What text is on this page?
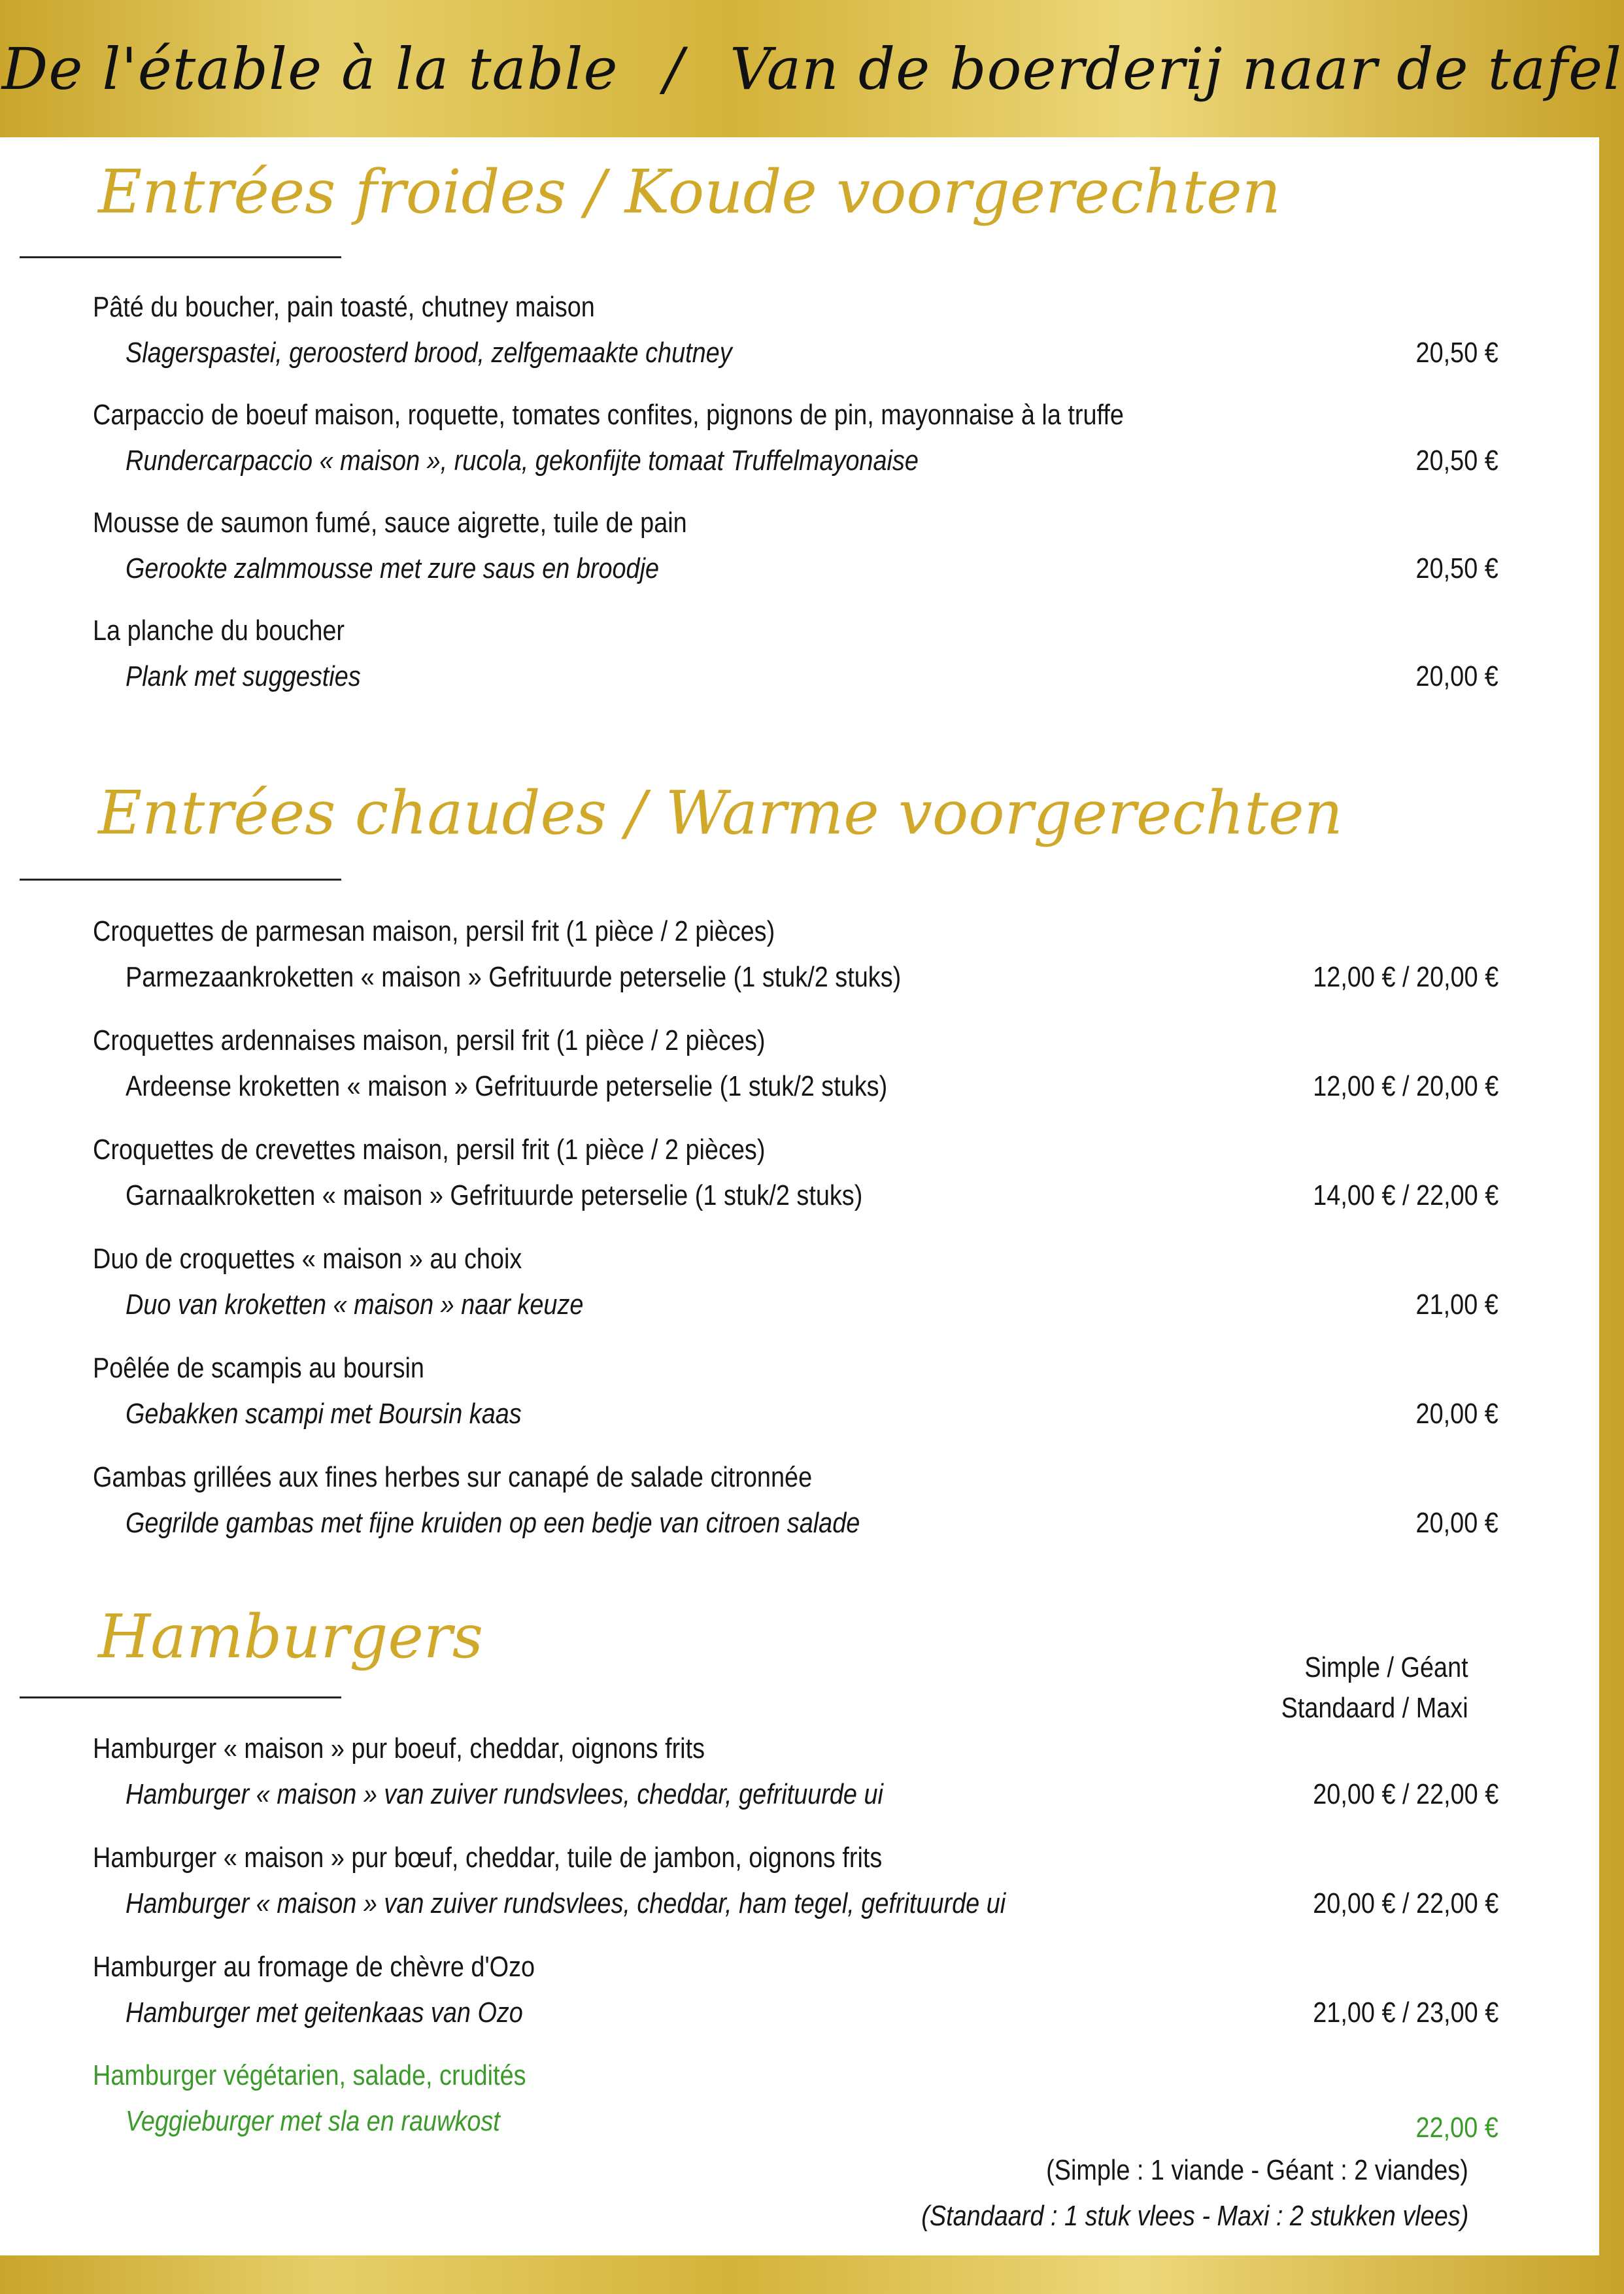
De l'étable à la table / Van de boerderij naar de tafel
Entrées froides / Koude voorgerechten
Pâté du boucher, pain toasté, chutney maison
Slagerspastei, geroosterd brood, zelfgemaakte chutney	20,50 €
Carpaccio de boeuf maison, roquette, tomates confites, pignons de pin, mayonnaise à la truffe
Rundercarpaccio « maison », rucola, gekonfijte tomaat Truffelmayonaise	20,50 €
Mousse de saumon fumé, sauce aigrette, tuile de pain
Gerookte zalmmousse met zure saus en broodje	20,50 €
La planche du boucher
Plank met suggesties	20,00 €
Entrées chaudes / Warme voorgerechten
Croquettes de parmesan maison, persil frit (1 pièce / 2 pièces)
Parmezaankroketten « maison » Gefrituurde peterselie (1 stuk/2 stuks)	12,00 € / 20,00 €
Croquettes ardennaises maison, persil frit (1 pièce / 2 pièces)
Ardeense kroketten « maison » Gefrituurde peterselie (1 stuk/2 stuks)	12,00 € / 20,00 €
Croquettes de crevettes maison, persil frit (1 pièce / 2 pièces)
Garnaalkroketten « maison » Gefrituurde peterselie (1 stuk/2 stuks)	14,00 € / 22,00 €
Duo de croquettes « maison » au choix
Duo van kroketten « maison » naar keuze	21,00 €
Poêlée de scampis au boursin
Gebakken scampi met Boursin kaas	20,00 €
Gambas grillées aux fines herbes sur canapé de salade citronnée
Gegrilde gambas met fijne kruiden op een bedje van citroen salade	20,00 €
Hamburgers	Simple / Géant
Standaard / Maxi
Hamburger « maison » pur boeuf, cheddar, oignons frits
Hamburger « maison » van zuiver rundsvlees, cheddar, gefrituurde ui	20,00 € / 22,00 €
Hamburger « maison » pur bœuf, cheddar, tuile de jambon, oignons frits
Hamburger « maison » van zuiver rundsvlees, cheddar, ham tegel, gefrituurde ui	20,00 € / 22,00 €
Hamburger au fromage de chèvre d'Ozo
Hamburger met geitenkaas van Ozo	21,00 € / 23,00 €
Hamburger végétarien, salade, crudités
Veggieburger met sla en rauwkost	22,00 €
(Simple : 1 viande - Géant : 2 viandes)
(Standaard : 1 stuk vlees - Maxi : 2 stukken vlees)
